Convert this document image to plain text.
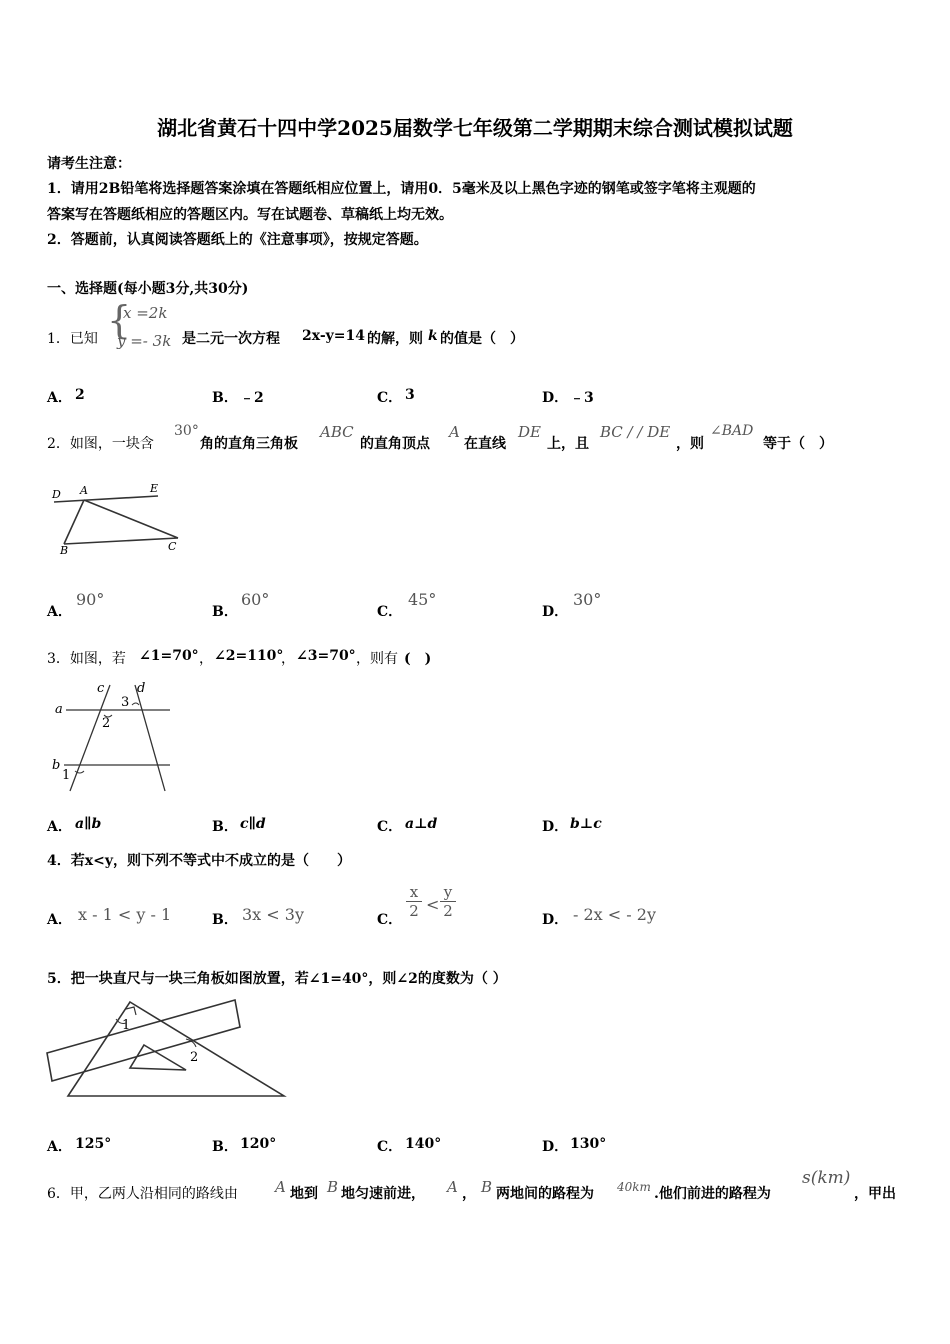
湖北省黄石十四中学2025届数学七年级第二学期期末综合测试模拟试题
请考生注意：
1．请用2B铅笔将选择题答案涂填在答题纸相应位置上，请用0．5毫米及以上黑色字迹的钢笔或签字笔将主观题的
答案写在答题纸相应的答题区内。写在试题卷、草稿纸上均无效。
2．答题前，认真阅读答题纸上的《注意事项》，按规定答题。
一、选择题(每小题3分,共30分)
1．已知 {
x =2k
y =- 3k 是二元一次方程 2x-y=14 的解，则 k 的值是（　）
A． 2	B． ﹣2	C． 3	D． ﹣3
2．如图，一块含
30°
角的直角三角板
ABC
的直角顶点
A
在直线
DE
上，且
BC / / DE
，则
∠BAD
等于（　）
D A	E
B	C
A．
90°
B．
60°
C．
45°
D．
30°
3．如图，若 ∠1=70° ， ∠2=110°
， ∠3=70° ，则有 (　)
a
b
c	d
1
2
3
A． a∥b	B． c∥d	C． a⊥d	D． b⊥c
4．若x<y，则下列不等式中不成立的是（　　）
A． x - 1 < y - 1	B． 3x < 3y	C． $\frac{x}{2} < \frac{y}{2}$	D． - 2x < - 2y
5．把一块直尺与一块三角板如图放置，若∠1=40°，则∠2的度数为（ ）
1
2
A． 125°	B． 120°	C． 140°	D． 130°
6．甲，乙两人沿相同的路线由 A 地到 B 地匀速前进， A ， B 两地间的路程为 40km .他们前进的路程为
s(km)
，甲出
